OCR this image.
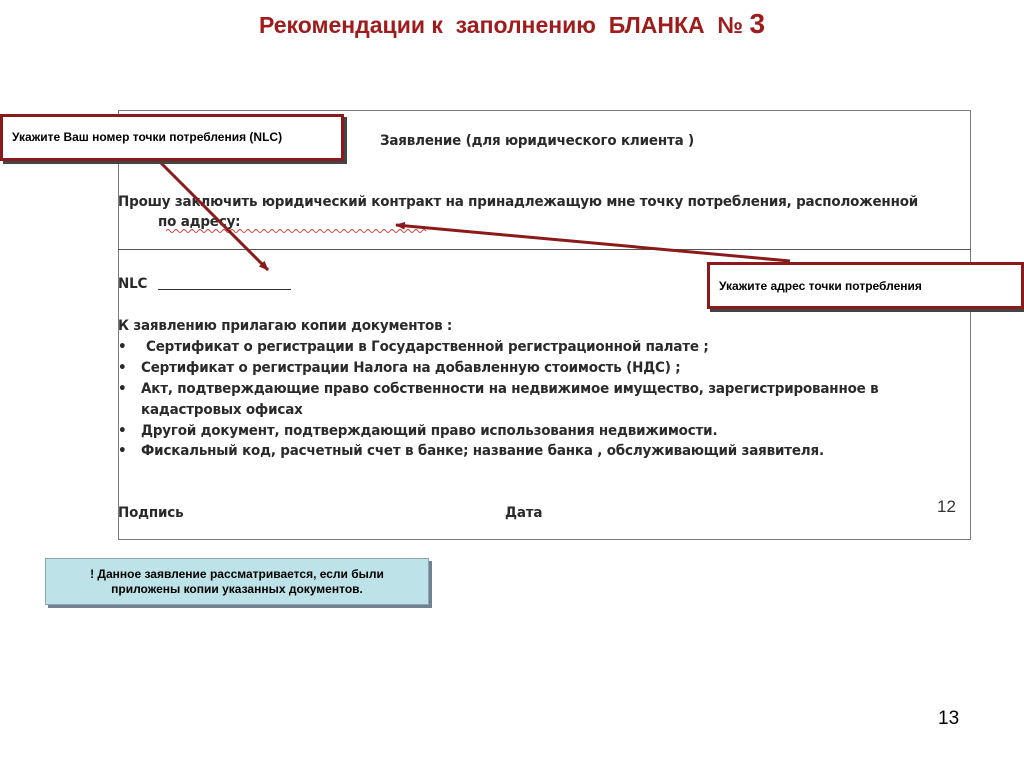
Рекомендации к  заполнению  БЛАНКА  № 3
Заявление (для юридического клиента )
Прошу заключить юридический контракт на принадлежащую мне точку потребления, расположенной
по адресу:
NLC
К заявлению прилагаю копии документов :
• Сертификат о регистрации в Государственной регистрационной палате ;
• Сертификат о регистрации Налога на добавленную стоимость (НДС) ;
• Акт, подтверждающие право собственности на недвижимое имущество, зарегистрированное в
кадастровых офисах
• Другой документ, подтверждающий право использования недвижимости.
• Фискальный код, расчетный счет в банке; название банка , обслуживающий заявителя.
Подпись	Дата	12
Укажите Ваш номер точки потребления (NLC)
Укажите адрес точки потребления
! Данное заявление рассматривается, если были
приложены копии указанных документов.
13
